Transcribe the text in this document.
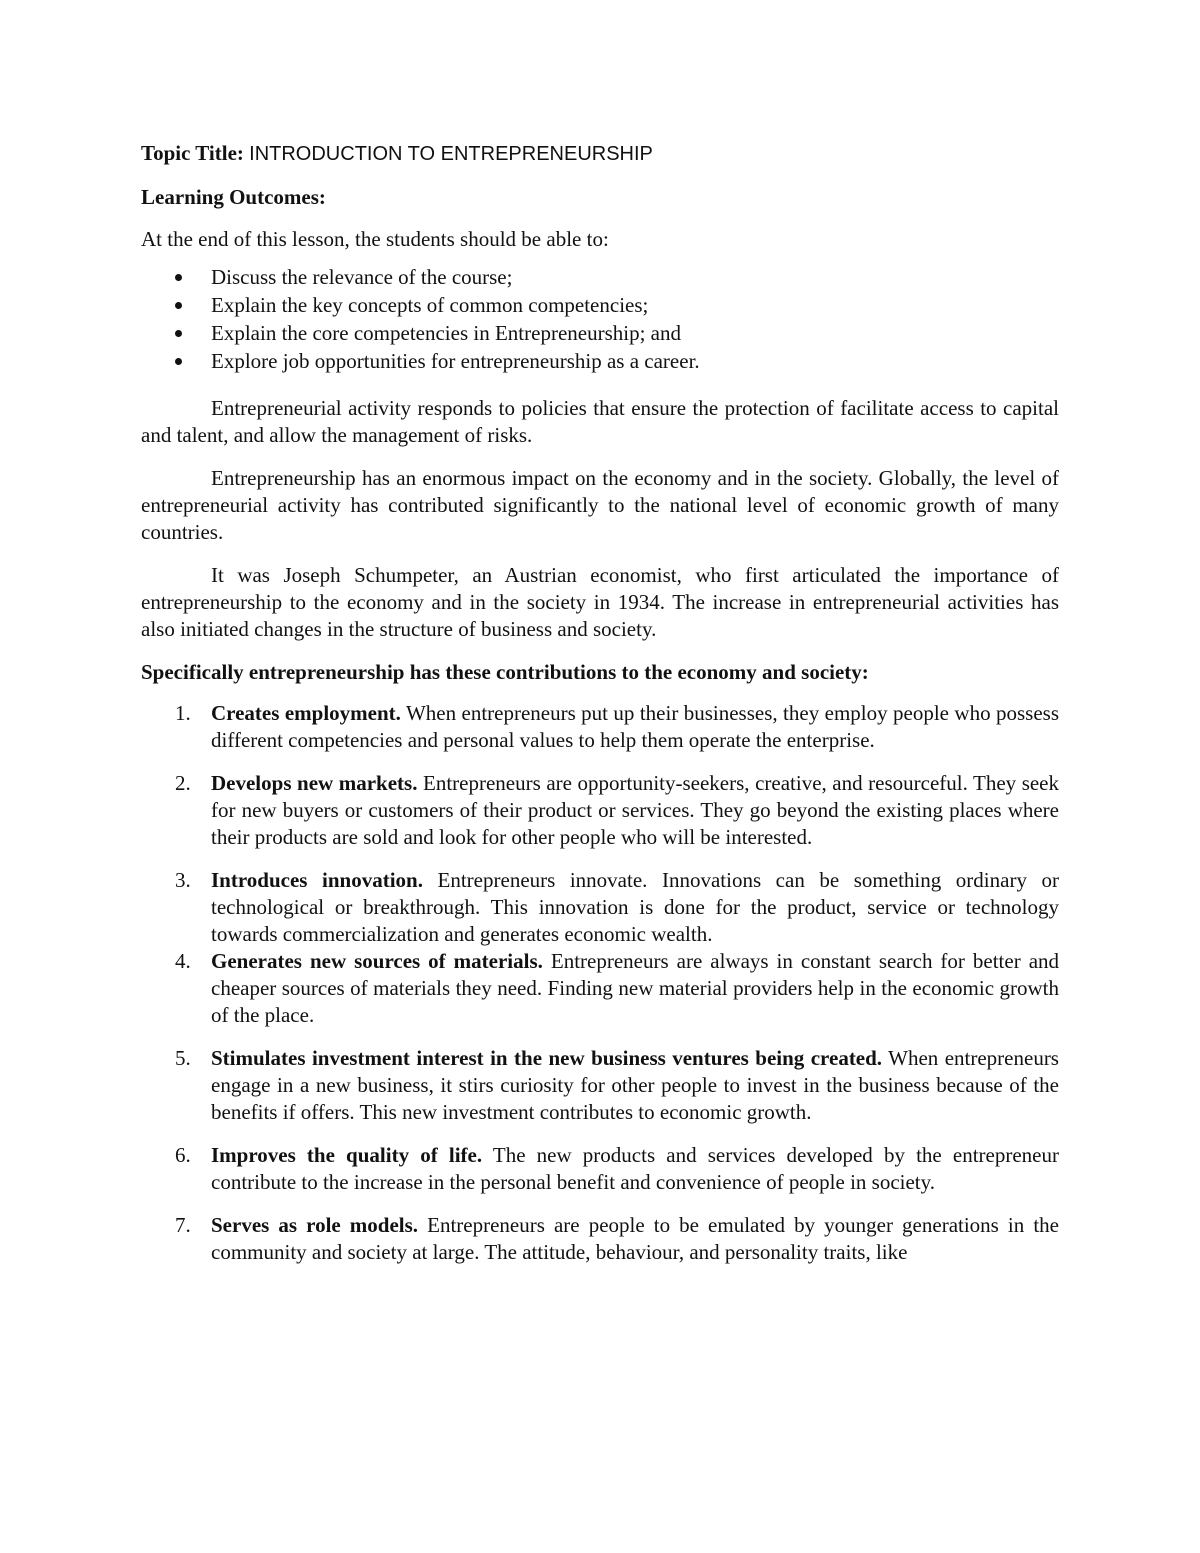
Topic Title: INTRODUCTION TO ENTREPRENEURSHIP
Learning Outcomes:
At the end of this lesson, the students should be able to:
Discuss the relevance of the course;
Explain the key concepts of common competencies;
Explain the core competencies in Entrepreneurship; and
Explore job opportunities for entrepreneurship as a career.

Entrepreneurial activity responds to policies that ensure the protection of facilitate access to capital and talent, and allow the management of risks.

Entrepreneurship has an enormous impact on the economy and in the society. Globally, the level of entrepreneurial activity has contributed significantly to the national level of economic growth of many countries.

It was Joseph Schumpeter, an Austrian economist, who first articulated the importance of entrepreneurship to the economy and in the society in 1934. The increase in entrepreneurial activities has also initiated changes in the structure of business and society.

Specifically entrepreneurship has these contributions to the economy and society:
1. Creates employment. When entrepreneurs put up their businesses, they employ people who possess different competencies and personal values to help them operate the enterprise.
2. Develops new markets. Entrepreneurs are opportunity-seekers, creative, and resourceful. They seek for new buyers or customers of their product or services. They go beyond the existing places where their products are sold and look for other people who will be interested.
3. Introduces innovation. Entrepreneurs innovate. Innovations can be something ordinary or technological or breakthrough. This innovation is done for the product, service or technology towards commercialization and generates economic wealth.
4. Generates new sources of materials. Entrepreneurs are always in constant search for better and cheaper sources of materials they need. Finding new material providers help in the economic growth of the place.
5. Stimulates investment interest in the new business ventures being created. When entrepreneurs engage in a new business, it stirs curiosity for other people to invest in the business because of the benefits if offers. This new investment contributes to economic growth.
6. Improves the quality of life. The new products and services developed by the entrepreneur contribute to the increase in the personal benefit and convenience of people in society.
7. Serves as role models. Entrepreneurs are people to be emulated by younger generations in the community and society at large. The attitude, behaviour, and personality traits, like
